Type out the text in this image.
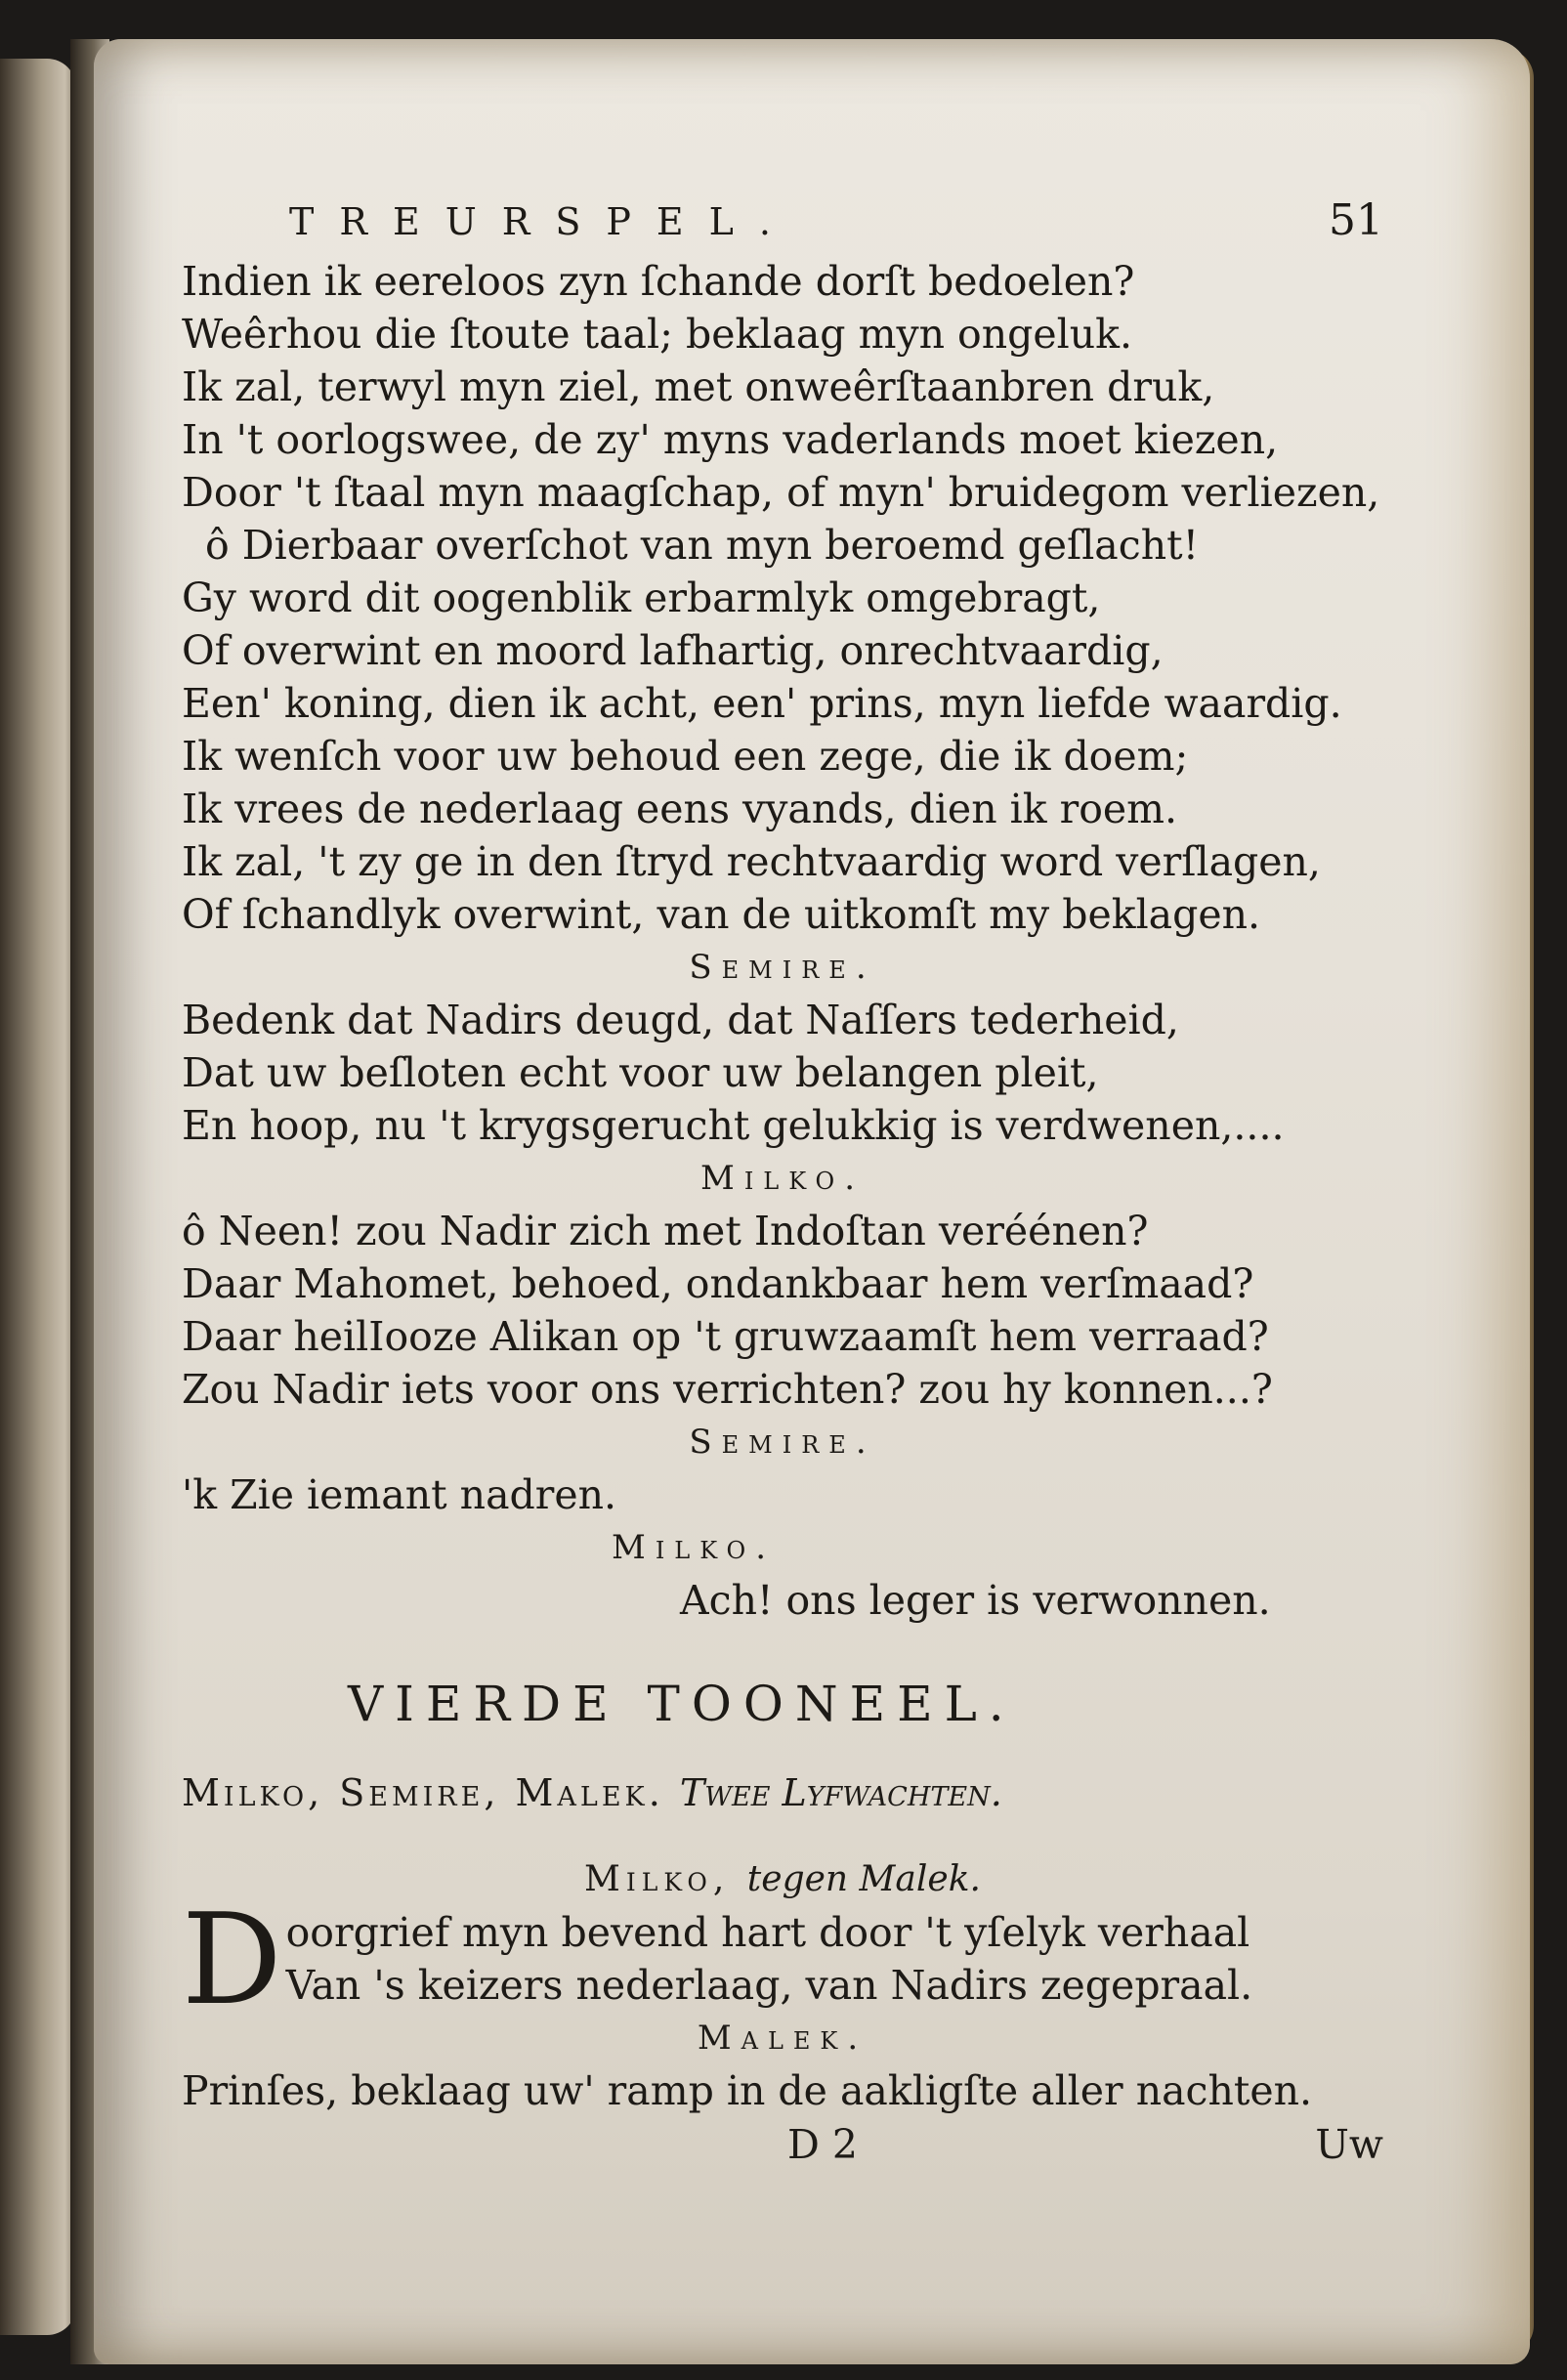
TREURSPEL.	51
Indien ik eereloos zyn ſchande dorſt bedoelen?
Weêrhou die ſtoute taal; beklaag myn ongeluk.
Ik zal, terwyl myn ziel, met onweêrſtaanbren druk,
In 't oorlogswee, de zy' myns vaderlands moet kiezen,
Door 't ſtaal myn maagſchap, of myn' bruidegom verliezen,
ô Dierbaar overſchot van myn beroemd geſlacht!
Gy word dit oogenblik erbarmlyk omgebragt,
Of overwint en moord lafhartig, onrechtvaardig,
Een' koning, dien ik acht, een' prins, myn liefde waardig.
Ik wenſch voor uw behoud een zege, die ik doem;
Ik vrees de nederlaag eens vyands, dien ik roem.
Ik zal, 't zy ge in den ſtryd rechtvaardig word verſlagen,
Of ſchandlyk overwint, van de uitkomſt my beklagen.
Semire.
Bedenk dat Nadirs deugd, dat Naſſers tederheid,
Dat uw beſloten echt voor uw belangen pleit,
En hoop, nu 't krygsgerucht gelukkig is verdwenen,....
Milko.
ô Neen! zou Nadir zich met Indoſtan veréénen?
Daar Mahomet, behoed, ondankbaar hem verſmaad?
Daar heilIooze Alikan op 't gruwzaamſt hem verraad?
Zou Nadir iets voor ons verrichten? zou hy konnen...?
Semire.
'k Zie iemant nadren.
Milko.
Ach! ons leger is verwonnen.
VIERDE TOONEEL.
Milko, Semire, Malek. Twee Lyfwachten.
Milko, tegen Malek.
D oorgrief myn bevend hart door 't yſelyk verhaal
Van 's keizers nederlaag, van Nadirs zegepraal.
Malek.
Prinſes, beklaag uw' ramp in de aakligſte aller nachten.
D 2	Uw
